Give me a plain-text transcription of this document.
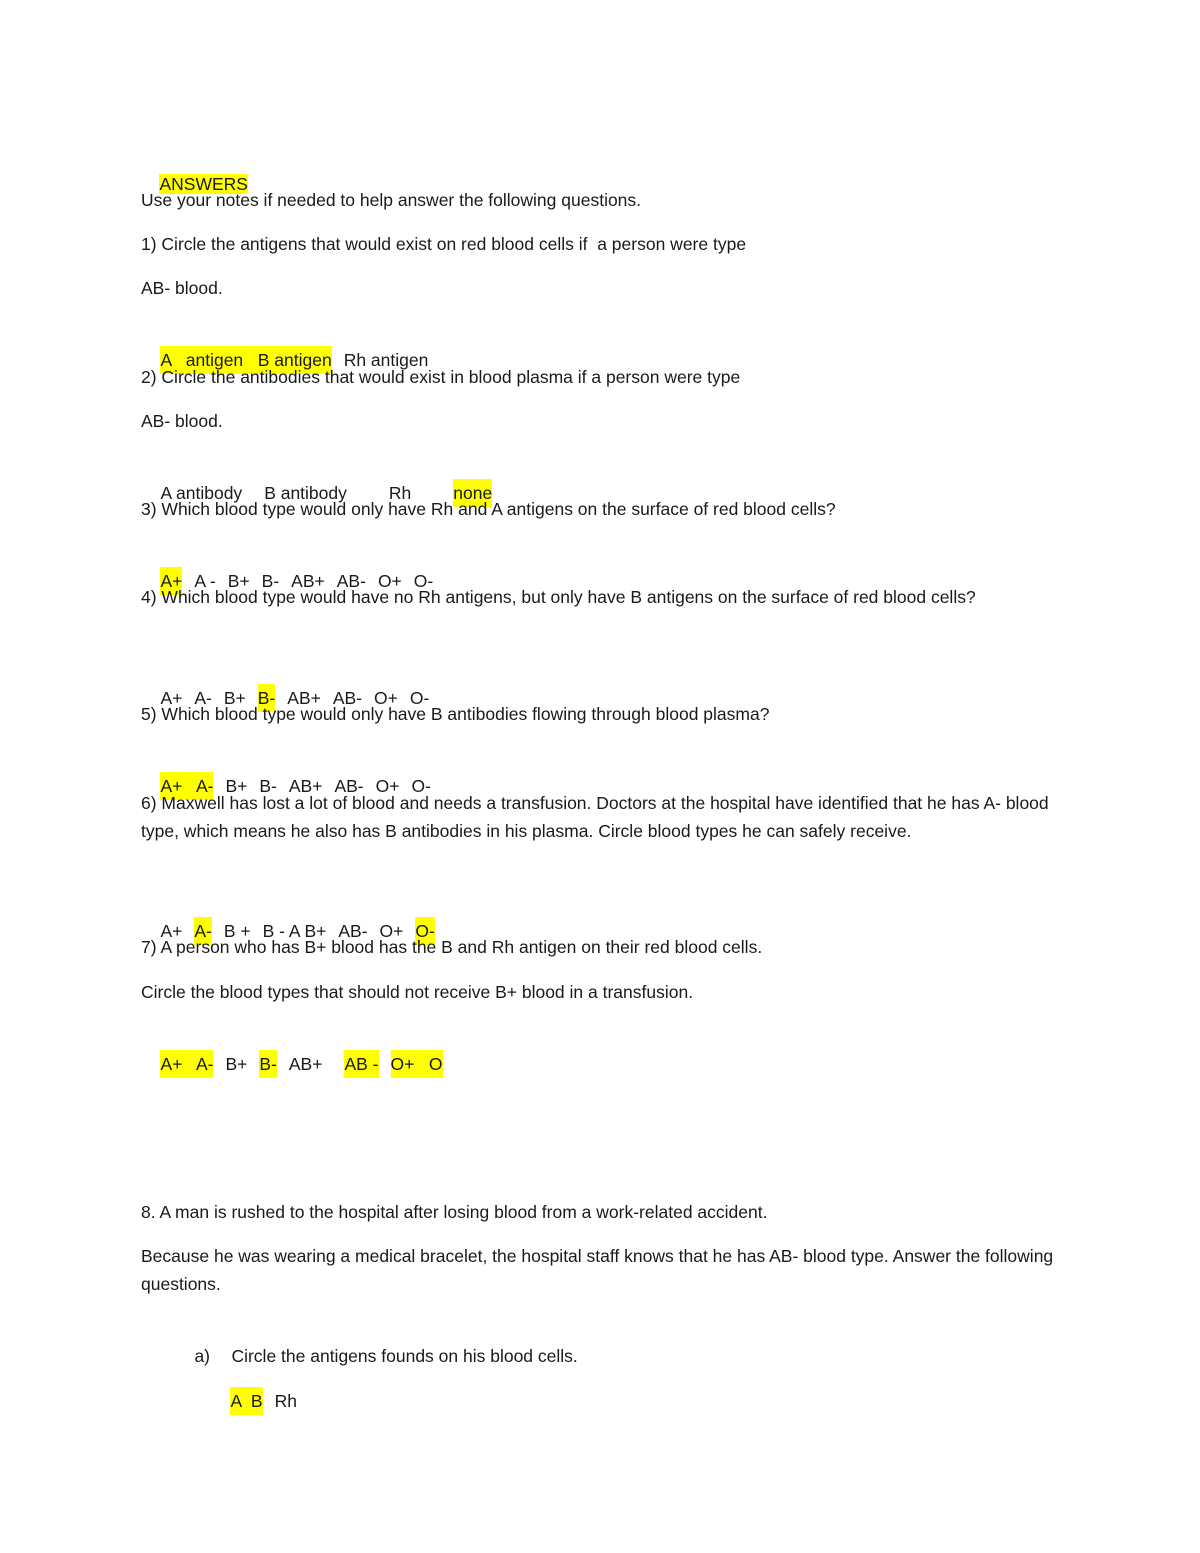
ANSWERS

Use your notes if needed to help answer the following questions.
1) Circle the antigens that would exist on red blood cells if  a person were type
AB- blood.

A   antigen   B antigen Rh antigen

2) Circle the antibodies that would exist in blood plasma if a person were type
AB- blood.

A antibody B antibody Rh none

3) Which blood type would only have Rh and A antigens on the surface of red blood cells?

A+ A - B+ B- AB+ AB- O+ O-

4) Which blood type would have no Rh antigens, but only have B antigens on the surface of red blood cells?

A+ A- B+ B- AB+ AB- O+ O-

5) Which blood type would only have B antibodies flowing through blood plasma?

A+   A- B+ B- AB+ AB- O+ O-

6) Maxwell has lost a lot of blood and needs a transfusion. Doctors at the hospital have identified that he has A- blood type, which means he also has B antibodies in his plasma. Circle blood types he can safely receive.

A+ A- B + B - A B+ AB- O+ O-

7) A person who has B+ blood has the B and Rh antigen on their red blood cells.
Circle the blood types that should not receive B+ blood in a transfusion.

A+   A- B+ B- AB+ AB - O+   O

8. A man is rushed to the hospital after losing blood from a work-related accident.
Because he was wearing a medical bracelet, the hospital staff knows that he has AB- blood type. Answer the following questions.

a) Circle the antigens founds on his blood cells.

A  B Rh
